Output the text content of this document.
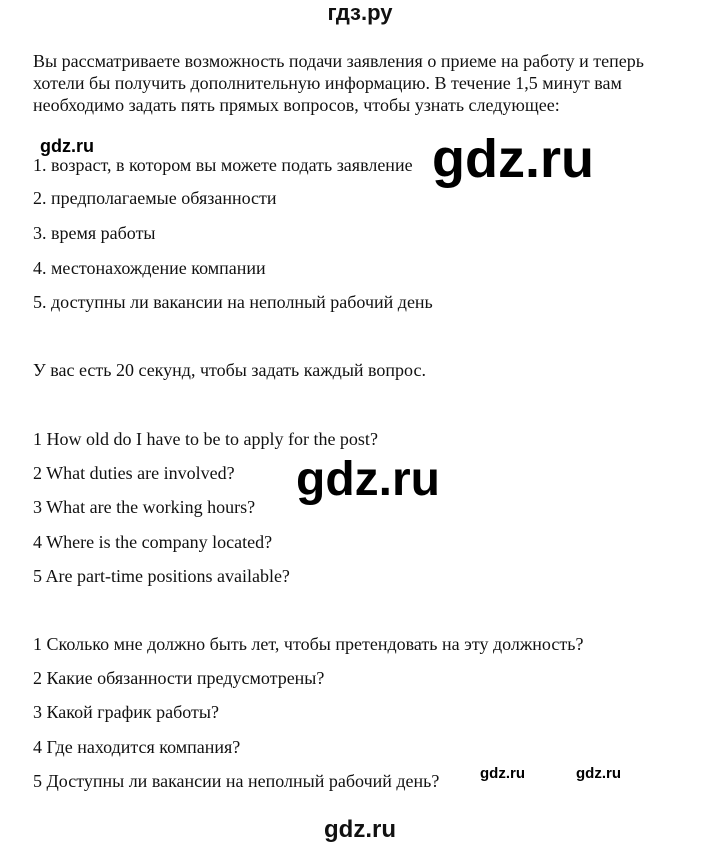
гдз.ру
Вы рассматриваете возможность подачи заявления о приеме на работу и теперь хотели бы получить дополнительную информацию. В течение 1,5 минут вам необходимо задать пять прямых вопросов, чтобы узнать следующее:
1. возраст, в котором вы можете подать заявление
2. предполагаемые обязанности
3. время работы
4. местонахождение компании
5. доступны ли вакансии на неполный рабочий день
У вас есть 20 секунд, чтобы задать каждый вопрос.
1 How old do I have to be to apply for the post?
2 What duties are involved?
3 What are the working hours?
4 Where is the company located?
5 Are part-time positions available?
1 Сколько мне должно быть лет, чтобы претендовать на эту должность?
2 Какие обязанности предусмотрены?
3 Какой график работы?
4 Где находится компания?
5 Доступны ли вакансии на неполный рабочий день?
gdz.ru
gdz.ru
gdz.ru
gdz.ru	gdz.ru
gdz.ru
